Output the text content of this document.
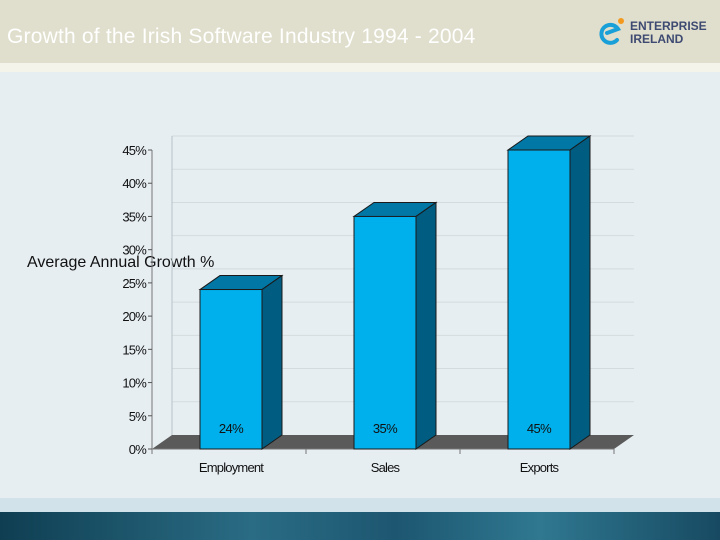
Growth of the Irish Software Industry 1994 - 2004	ENTERPRISE
IRELAND
Average Annual Growth %
0%
5%
10%
15%
20%
25%
30%
35%
40%
45%
24%
Employment
35%
Sales
45%
Exports
